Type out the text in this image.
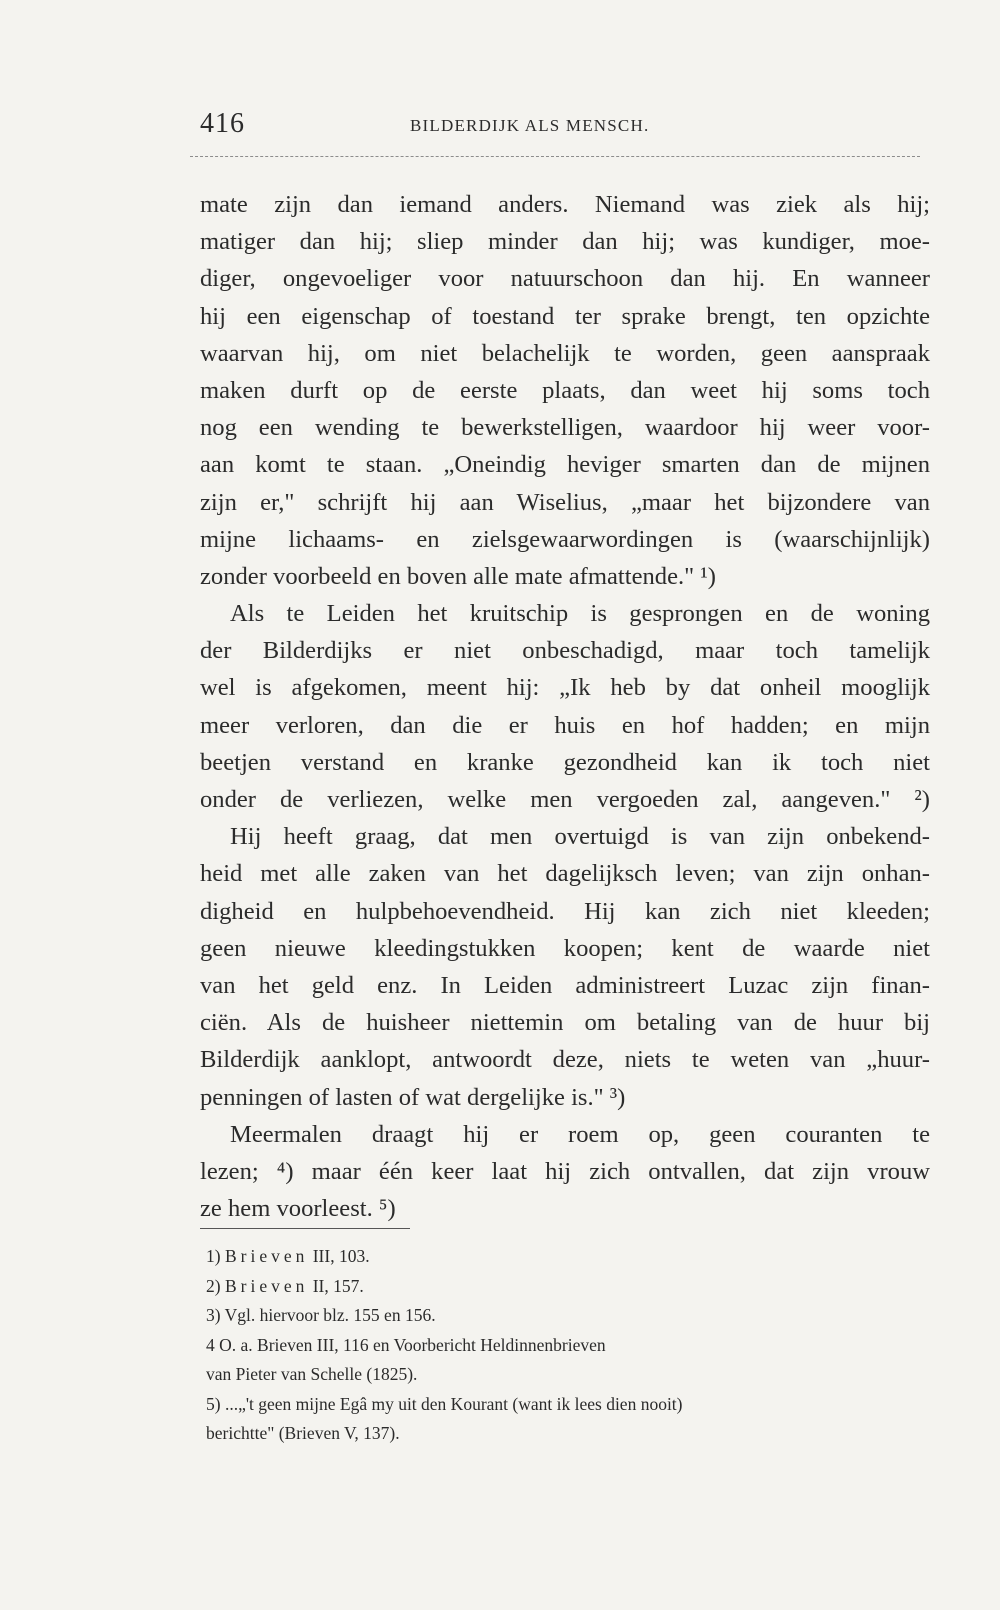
416	BILDERDIJK ALS MENSCH.
mate zijn dan iemand anders. Niemand was ziek als hij;
matiger dan hij; sliep minder dan hij; was kundiger, moe-
diger, ongevoeliger voor natuurschoon dan hij. En wanneer
hij een eigenschap of toestand ter sprake brengt, ten opzichte
waarvan hij, om niet belachelijk te worden, geen aanspraak
maken durft op de eerste plaats, dan weet hij soms toch
nog een wending te bewerkstelligen, waardoor hij weer voor-
aan komt te staan. „Oneindig heviger smarten dan de mijnen
zijn er," schrijft hij aan Wiselius, „maar het bijzondere van
mijne lichaams- en zielsgewaarwordingen is (waarschijnlijk)
zonder voorbeeld en boven alle mate afmattende." ¹)
Als te Leiden het kruitschip is gesprongen en de woning
der Bilderdijks er niet onbeschadigd, maar toch tamelijk
wel is afgekomen, meent hij: „Ik heb by dat onheil mooglijk
meer verloren, dan die er huis en hof hadden; en mijn
beetjen verstand en kranke gezondheid kan ik toch niet
onder de verliezen, welke men vergoeden zal, aangeven." ²)
Hij heeft graag, dat men overtuigd is van zijn onbekend-
heid met alle zaken van het dagelijksch leven; van zijn onhan-
digheid en hulpbehoevendheid. Hij kan zich niet kleeden;
geen nieuwe kleedingstukken koopen; kent de waarde niet
van het geld enz. In Leiden administreert Luzac zijn finan-
ciën. Als de huisheer niettemin om betaling van de huur bij
Bilderdijk aanklopt, antwoordt deze, niets te weten van „huur-
penningen of lasten of wat dergelijke is." ³)
Meermalen draagt hij er roem op, geen couranten te
lezen; ⁴) maar één keer laat hij zich ontvallen, dat zijn vrouw
ze hem voorleest. ⁵)
1) Brieven III, 103.
2) Brieven II, 157.
3) Vgl. hiervoor blz. 155 en 156.
4 O. a. Brieven III, 116 en Voorbericht Heldinnenbrieven
van Pieter van Schelle (1825).
5) ...„'t geen mijne Egâ my uit den Kourant (want ik lees dien nooit)
berichtte" (Brieven V, 137).
